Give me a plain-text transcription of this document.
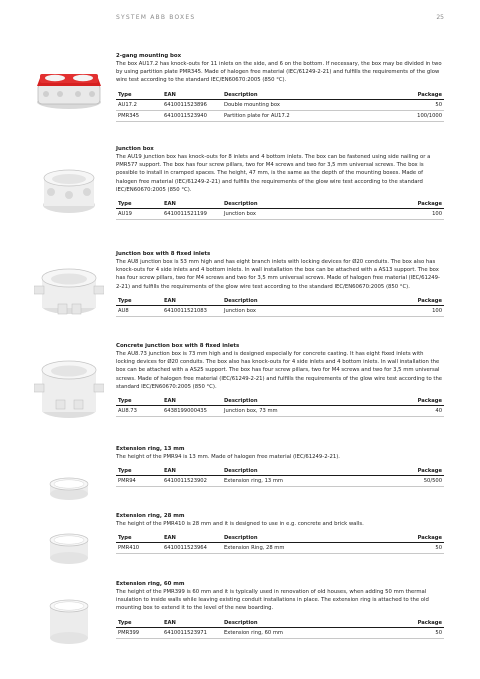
SYSTEM ABB BOXES	25
2-gang mounting box
The box AU17.2 has knock-outs for 11 inlets on the side, and 6 on the bottom. If necessary, the box may be divided in two by using partition plate PMR345. Made of halogen free material (IEC/61249-2-21) and fulfills the requirements of the glow wire test according to the standard IEC/EN60670:2005 (850 °C).
Type	EAN	Description	Package
AU17.2	6410011523896	Double mounting box	50
PMR345	6410011523940	Partition plate for AU17.2	100/1000
Junction box
The AU19 junction box has knock-outs for 8 inlets and 4 bottom inlets. The box can be fastened using side nailing or a PMR577 support. The box has four screw pillars, two for M4 screws and two for 3,5 mm universal screws. The box is possible to install in cramped spaces. The height, 47 mm, is the same as the depth of the mounting boxes. Made of halogen free material (IEC/61249-2-21) and fulfills the requirements of the glow wire test according to the standard IEC/EN60670:2005 (850 °C).
Type	EAN	Description	Package
AU19	6410011521199	Junction box	100
Junction box with 8 fixed inlets
The AU8 junction box is 53 mm high and has eight branch inlets with locking devices for Ø20 conduits. The box also has knock-outs for 4 side inlets and 4 bottom inlets. In wall installation the box can be attached with a AS13 support. The box has four screw pillars, two for M4 screws and two for 3,5 mm universal screws. Made of halogen free material (IEC/61249-2-21) and fulfills the requirements of the glow wire test according to the standard IEC/EN60670:2005 (850 °C).
Type	EAN	Description	Package
AU8	6410011521083	Junction box	100
Concrete junction box with 8 fixed inlets
The AU8.73 junction box is 73 mm high and is designed especially for concrete casting. It has eight fixed inlets with locking devices for Ø20 conduits. The box also has knock-outs for 4 side inlets and 4 bottom inlets. In wall installation the box can be attached with a AS25 support. The box has four screw pillars, two for M4 screws and two for 3,5 mm universal screws. Made of halogen free material (IEC/61249-2-21) and fulfills the requirements of the glow wire test according to the standard IEC/EN60670:2005 (850 °C).
Type	EAN	Description	Package
AU8.73	6438199000435	Junction box, 73 mm	40
Extension ring, 13 mm
The height of the PMR94 is 13 mm. Made of halogen free material (IEC/61249-2-21).
Type	EAN	Description	Package
PMR94	6410011523902	Extension ring, 13 mm	50/500
Extension ring, 28 mm
The height of the PMR410 is 28 mm and it is designed to use in e.g. concrete and brick walls.
Type	EAN	Description	Package
PMR410	6410011523964	Extension Ring, 28 mm	50
Extension ring, 60 mm
The height of the PMR399 is 60 mm and it is typically used in renovation of old houses, when adding 50 mm thermal insulation to inside walls while leaving existing conduit installations in place. The extension ring is attached to the old mounting box to extend it to the level of the new boarding.
Type	EAN	Description	Package
PMR399	6410011523971	Extension ring, 60 mm	50
